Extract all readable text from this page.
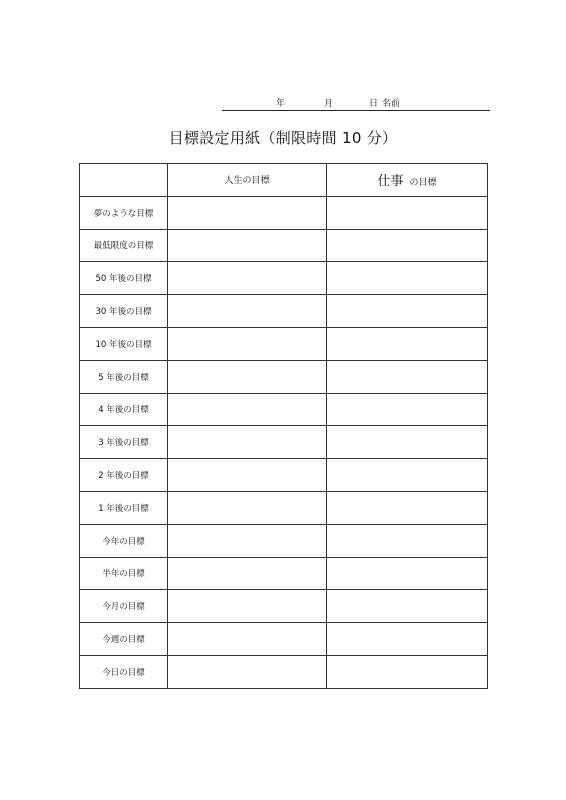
年	月	日 名前
目標設定用紙（制限時間 10 分）
	人生の目標	仕事 の目標
夢のような目標		
最低限度の目標		
50 年後の目標		
30 年後の目標		
10 年後の目標		
5 年後の目標		
4 年後の目標		
3 年後の目標		
2 年後の目標		
1 年後の目標		
今年の目標		
半年の目標		
今月の目標		
今週の目標		
今日の目標		
